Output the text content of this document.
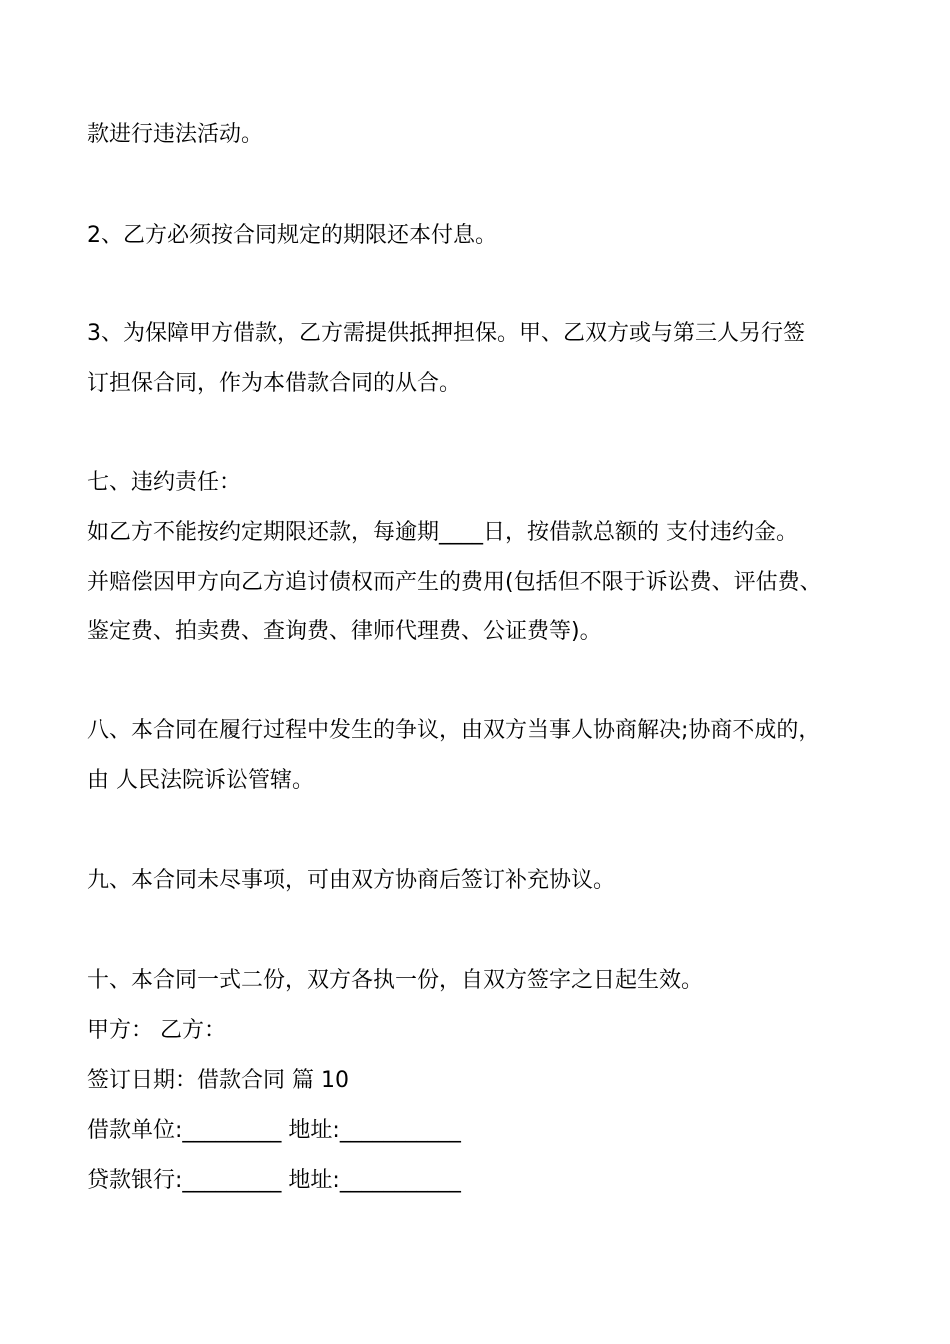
款进行违法活动。
2、乙方必须按合同规定的期限还本付息。
3、为保障甲方借款，乙方需提供抵押担保。甲、乙双方或与第三人另行签
订担保合同，作为本借款合同的从合。
七、违约责任：
如乙方不能按约定期限还款，每逾期____日，按借款总额的 支付违约金。
并赔偿因甲方向乙方追讨债权而产生的费用(包括但不限于诉讼费、评估费、
鉴定费、拍卖费、查询费、律师代理费、公证费等)。
八、本合同在履行过程中发生的争议，由双方当事人协商解决;协商不成的，
由 人民法院诉讼管辖。
九、本合同未尽事项，可由双方协商后签订补充协议。
十、本合同一式二份，双方各执一份，自双方签字之日起生效。
甲方： 乙方：
签订日期：借款合同 篇 10
借款单位:_________ 地址:___________
贷款银行:_________ 地址:___________
